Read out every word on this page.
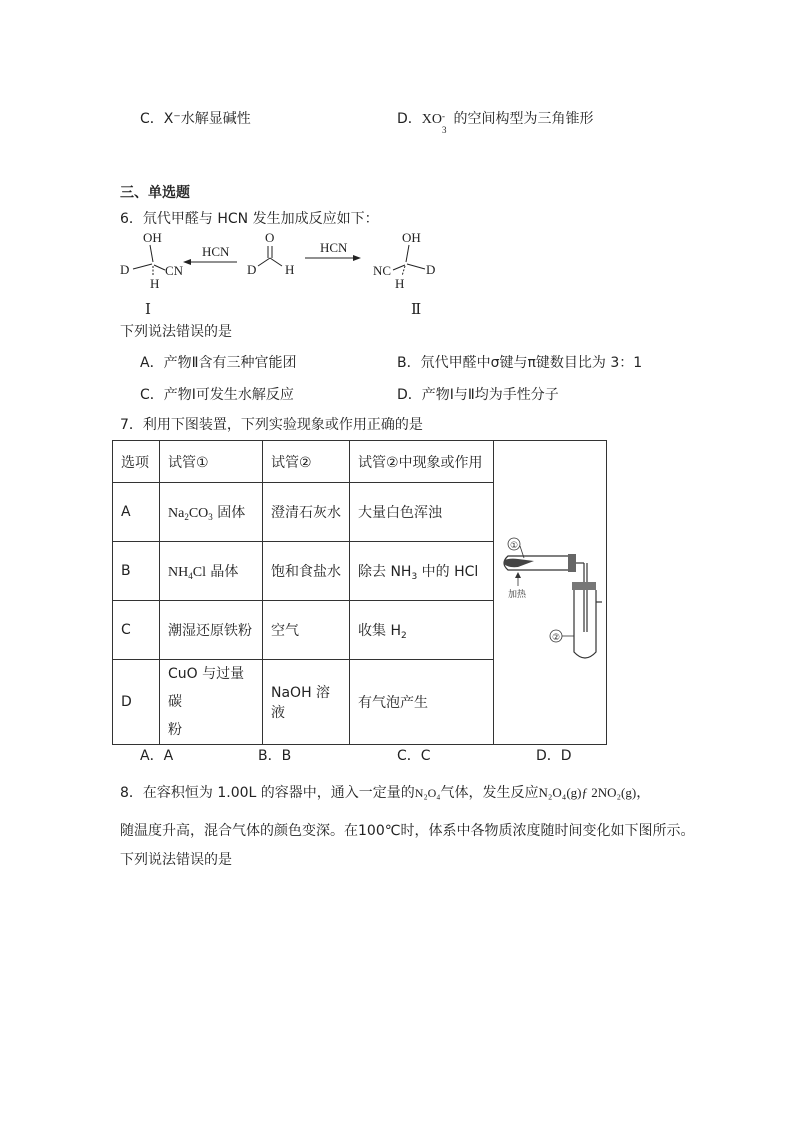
C．X⁻水解显碱性	D．XO -
3
的空间构型为三角锥形
三、单选题
6．氘代甲醛与 HCN 发生加成反应如下：
OH
D	CN
H
Ⅰ
HCN
O
D H
HCN
OH
NC	D
H
Ⅱ
下列说法错误的是
A．产物Ⅱ含有三种官能团	B．氘代甲醛中σ键与π键数目比为 3：1
C．产物Ⅰ可发生水解反应	D．产物Ⅰ与Ⅱ均为手性分子
7．利用下图装置，下列实验现象或作用正确的是
选项	试管①	试管②	试管②中现象或作用	①
加热
②

A	$Na_2CO_3$ 固体	澄清石灰水	大量白色浑浊	
B	$NH_4Cl$ 晶体	饱和食盐水	除去 $NH_3$ 中的 HCl	
C	潮湿还原铁粉	空气	收集 $H_2$
D	CuO 与过量碳
粉	NaOH 溶液	有气泡产生	
A．A	B．B	C．C	D．D
8．在容积恒为 1.00L 的容器中，通入一定量的N₂O₄气体，发生反应N₂O₄(g)ƒ 2NO₂(g)，
随温度升高，混合气体的颜色变深。在100℃时，体系中各物质浓度随时间变化如下图所示。
下列说法错误的是
